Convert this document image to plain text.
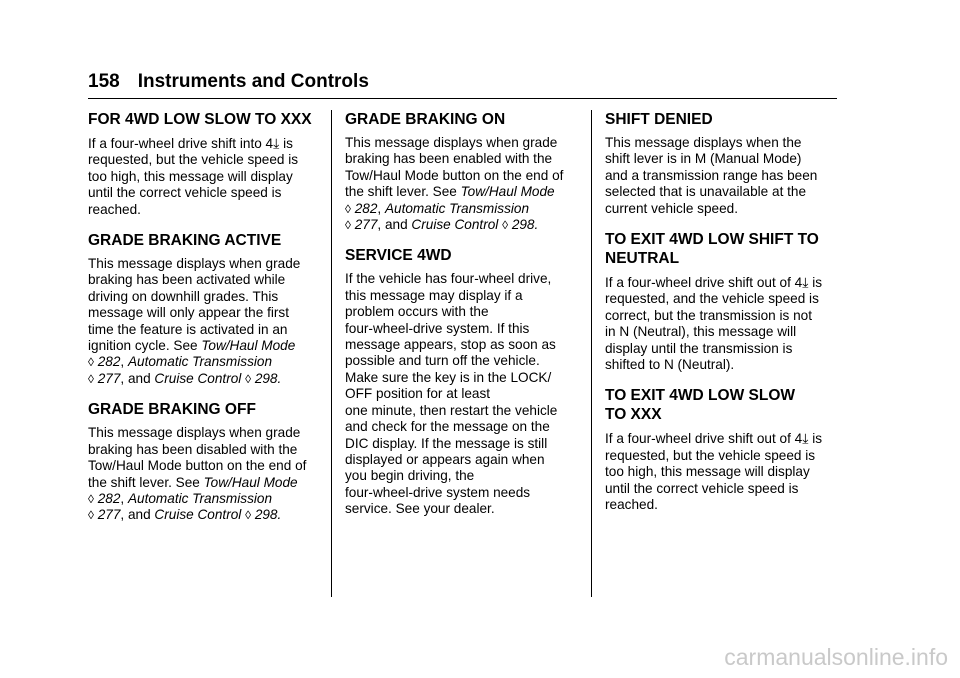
158 Instruments and Controls
FOR 4WD LOW SLOW TO XXX

If a four-wheel drive shift into 4⤓ is
requested, but the vehicle speed is
too high, this message will display
until the correct vehicle speed is
reached.

GRADE BRAKING ACTIVE

This message displays when grade
braking has been activated while
driving on downhill grades. This
message will only appear the first
time the feature is activated in an
ignition cycle. See Tow/Haul Mode
◊ 282, Automatic Transmission
◊ 277, and Cruise Control ◊ 298.

GRADE BRAKING OFF

This message displays when grade
braking has been disabled with the
Tow/Haul Mode button on the end of
the shift lever. See Tow/Haul Mode
◊ 282, Automatic Transmission
◊ 277, and Cruise Control ◊ 298.

GRADE BRAKING ON

This message displays when grade
braking has been enabled with the
Tow/Haul Mode button on the end of
the shift lever. See Tow/Haul Mode
◊ 282, Automatic Transmission
◊ 277, and Cruise Control ◊ 298.

SERVICE 4WD

If the vehicle has four-wheel drive,
this message may display if a
problem occurs with the
four-wheel-drive system. If this
message appears, stop as soon as
possible and turn off the vehicle.
Make sure the key is in the LOCK/
OFF position for at least
one minute, then restart the vehicle
and check for the message on the
DIC display. If the message is still
displayed or appears again when
you begin driving, the
four-wheel-drive system needs
service. See your dealer.

SHIFT DENIED

This message displays when the
shift lever is in M (Manual Mode)
and a transmission range has been
selected that is unavailable at the
current vehicle speed.

TO EXIT 4WD LOW SHIFT TO
NEUTRAL

If a four-wheel drive shift out of 4⤓ is
requested, and the vehicle speed is
correct, but the transmission is not
in N (Neutral), this message will
display until the transmission is
shifted to N (Neutral).

TO EXIT 4WD LOW SLOW
TO XXX

If a four-wheel drive shift out of 4⤓ is
requested, but the vehicle speed is
too high, this message will display
until the correct vehicle speed is
reached.

carmanualsonline.info
